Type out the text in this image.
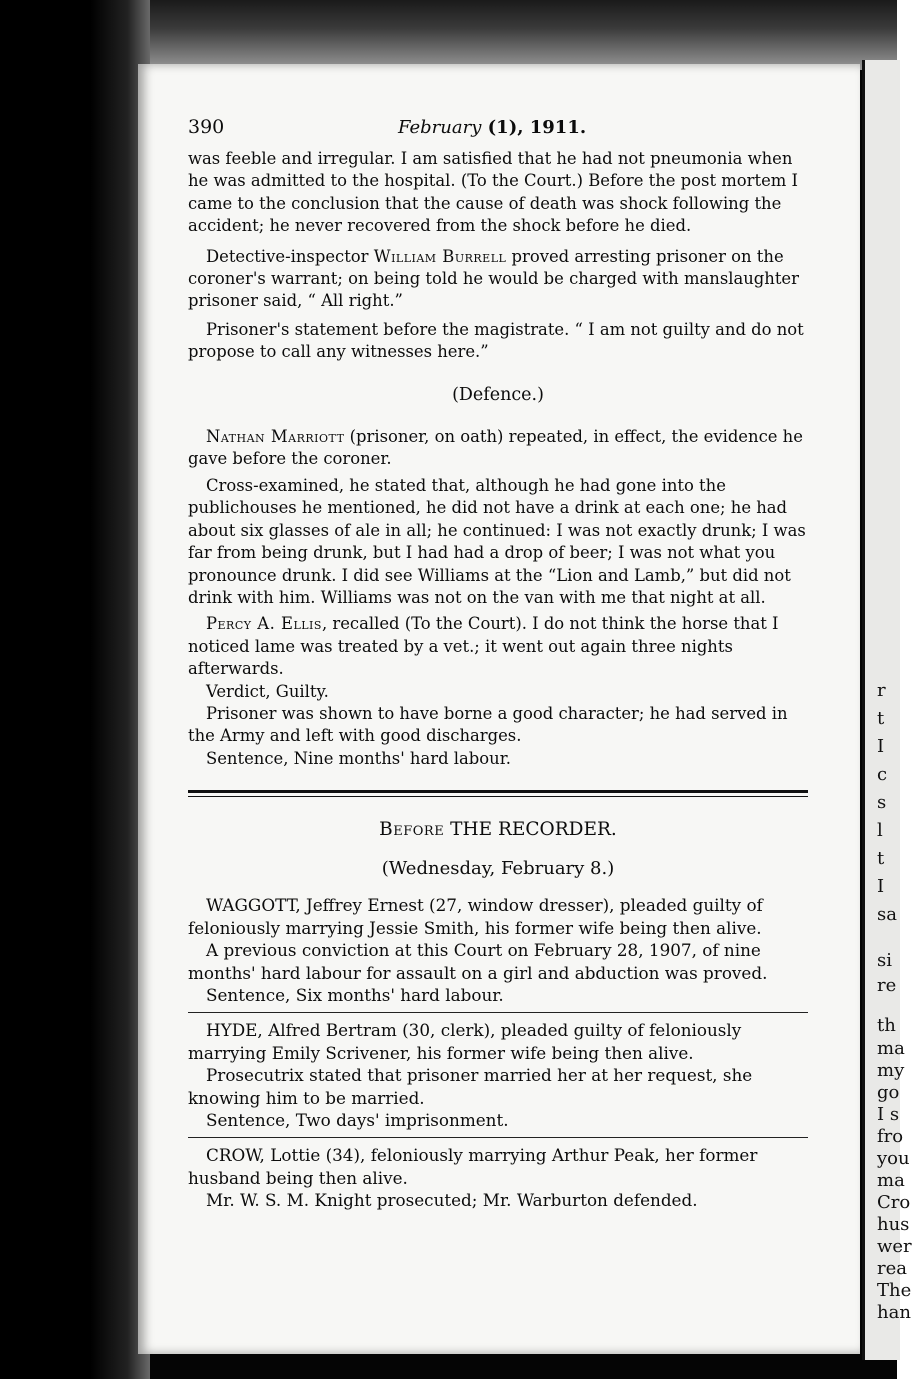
r
t
I
c
s
l
t
I
sa
si
re
th
ma
my
go
I s
fro
you
ma
Cro
hus
wer
rea
The
han
390	February (1), 1911.

was feeble and irregular. I am satisfied that he had not pneumonia when he was admitted to the hospital. (To the Court.) Before the post mortem I came to the conclusion that the cause of death was shock following the accident; he never recovered from the shock before he died.

Detective-inspector William Burrell proved arresting prisoner on the coroner's warrant; on being told he would be charged with manslaughter prisoner said, “ All right.”

Prisoner's statement before the magistrate. “ I am not guilty and do not propose to call any witnesses here.”

(Defence.)

Nathan Marriott (prisoner, on oath) repeated, in effect, the evidence he gave before the coroner.

Cross-examined, he stated that, although he had gone into the publichouses he mentioned, he did not have a drink at each one; he had about six glasses of ale in all; he continued: I was not exactly drunk; I was far from being drunk, but I had had a drop of beer; I was not what you pronounce drunk. I did see Williams at the “Lion and Lamb,” but did not drink with him. Williams was not on the van with me that night at all.

Percy A. Ellis, recalled (To the Court). I do not think the horse that I noticed lame was treated by a vet.; it went out again three nights afterwards.

Verdict, Guilty.

Prisoner was shown to have borne a good character; he had served in the Army and left with good discharges.

Sentence, Nine months' hard labour.

Before THE RECORDER.
(Wednesday, February 8.)

WAGGOTT, Jeffrey Ernest (27, window dresser), pleaded guilty of feloniously marrying Jessie Smith, his former wife being then alive.

A previous conviction at this Court on February 28, 1907, of nine months' hard labour for assault on a girl and abduction was proved.

Sentence, Six months' hard labour.

HYDE, Alfred Bertram (30, clerk), pleaded guilty of feloniously marrying Emily Scrivener, his former wife being then alive.

Prosecutrix stated that prisoner married her at her request, she knowing him to be married.

Sentence, Two days' imprisonment.

CROW, Lottie (34), feloniously marrying Arthur Peak, her former husband being then alive.

Mr. W. S. M. Knight prosecuted; Mr. Warburton defended.
